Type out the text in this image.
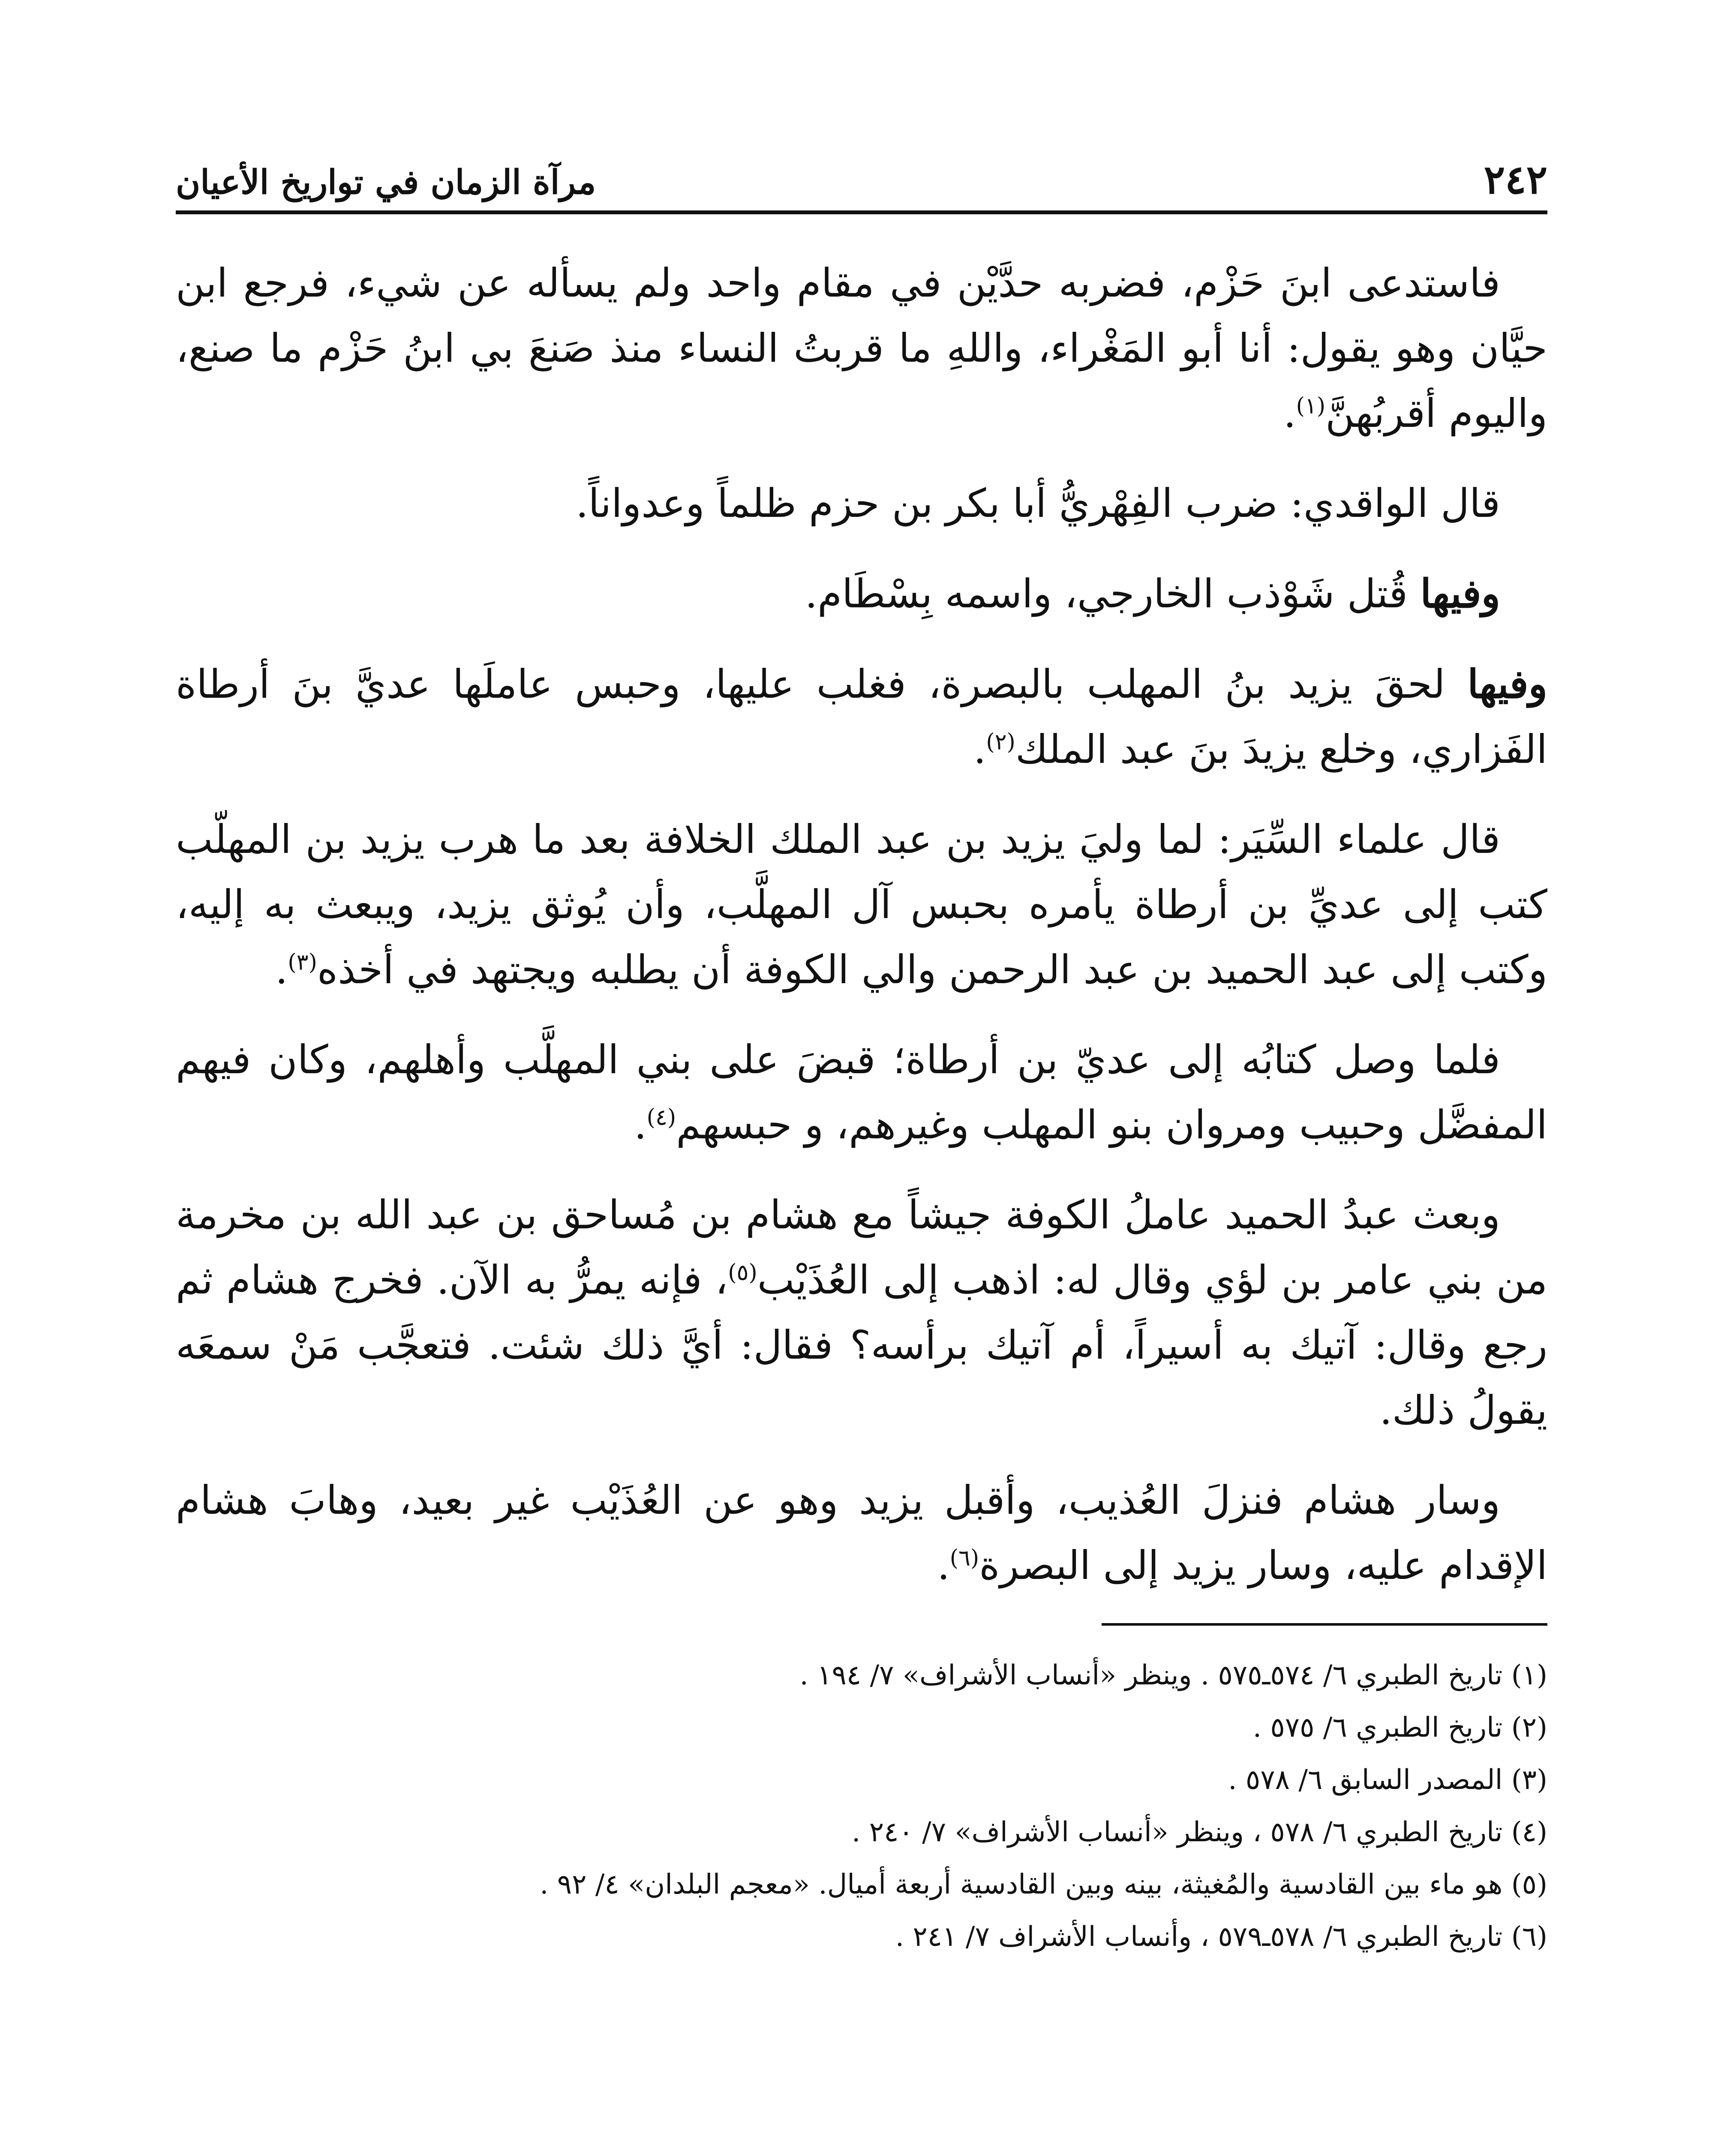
٢٤٢
مرآة الزمان في تواريخ الأعيان

فاستدعى ابنَ حَزْم، فضربه حدَّيْن في مقام واحد ولم يسأله عن شيء، فرجع ابن حيَّان وهو يقول: أنا أبو المَغْراء، واللهِ ما قربتُ النساء منذ صَنعَ بي ابنُ حَزْم ما صنع، واليوم أقربُهنَّ$^{(١)}$.

قال الواقدي: ضرب الفِهْريُّ أبا بكر بن حزم ظلماً وعدواناً.

وفيها قُتل شَوْذب الخارجي، واسمه بِسْطَام.

وفيها لحقَ يزيد بنُ المهلب بالبصرة، فغلب عليها، وحبس عاملَها عديَّ بنَ أرطاة الفَزاري، وخلع يزيدَ بنَ عبد الملك$^{(٢)}$.

قال علماء السِّيَر: لما وليَ يزيد بن عبد الملك الخلافة بعد ما هرب يزيد بن المهلّب كتب إلى عديِّ بن أرطاة يأمره بحبس آل المهلَّب، وأن يُوثق يزيد، ويبعث به إليه، وكتب إلى عبد الحميد بن عبد الرحمن والي الكوفة أن يطلبه ويجتهد في أخذه$^{(٣)}$.

فلما وصل كتابُه إلى عديّ بن أرطاة؛ قبضَ على بني المهلَّب وأهلهم، وكان فيهم المفضَّل وحبيب ومروان بنو المهلب وغيرهم، و حبسهم$^{(٤)}$.

وبعث عبدُ الحميد عاملُ الكوفة جيشاً مع هشام بن مُساحق بن عبد الله بن مخرمة من بني عامر بن لؤي وقال له: اذهب إلى العُذَيْب$^{(٥)}$، فإنه يمرُّ به الآن. فخرج هشام ثم رجع وقال: آتيك به أسيراً، أم آتيك برأسه؟ فقال: أيَّ ذلك شئت. فتعجَّب مَنْ سمعَه يقولُ ذلك.

وسار هشام فنزلَ العُذيب، وأقبل يزيد وهو عن العُذَيْب غير بعيد، وهابَ هشام الإقدام عليه، وسار يزيد إلى البصرة$^{(٦)}$.

(١) تاريخ الطبري ٦/ ٥٧٤ـ٥٧٥ . وينظر «أنساب الأشراف» ٧/ ١٩٤ .

(٢) تاريخ الطبري ٦/ ٥٧٥ .

(٣) المصدر السابق ٦/ ٥٧٨ .

(٤) تاريخ الطبري ٦/ ٥٧٨ ، وينظر «أنساب الأشراف» ٧/ ٢٤٠ .

(٥) هو ماء بين القادسية والمُغيثة، بينه وبين القادسية أربعة أميال. «معجم البلدان» ٤/ ٩٢ .

(٦) تاريخ الطبري ٦/ ٥٧٨ـ٥٧٩ ، وأنساب الأشراف ٧/ ٢٤١ .
